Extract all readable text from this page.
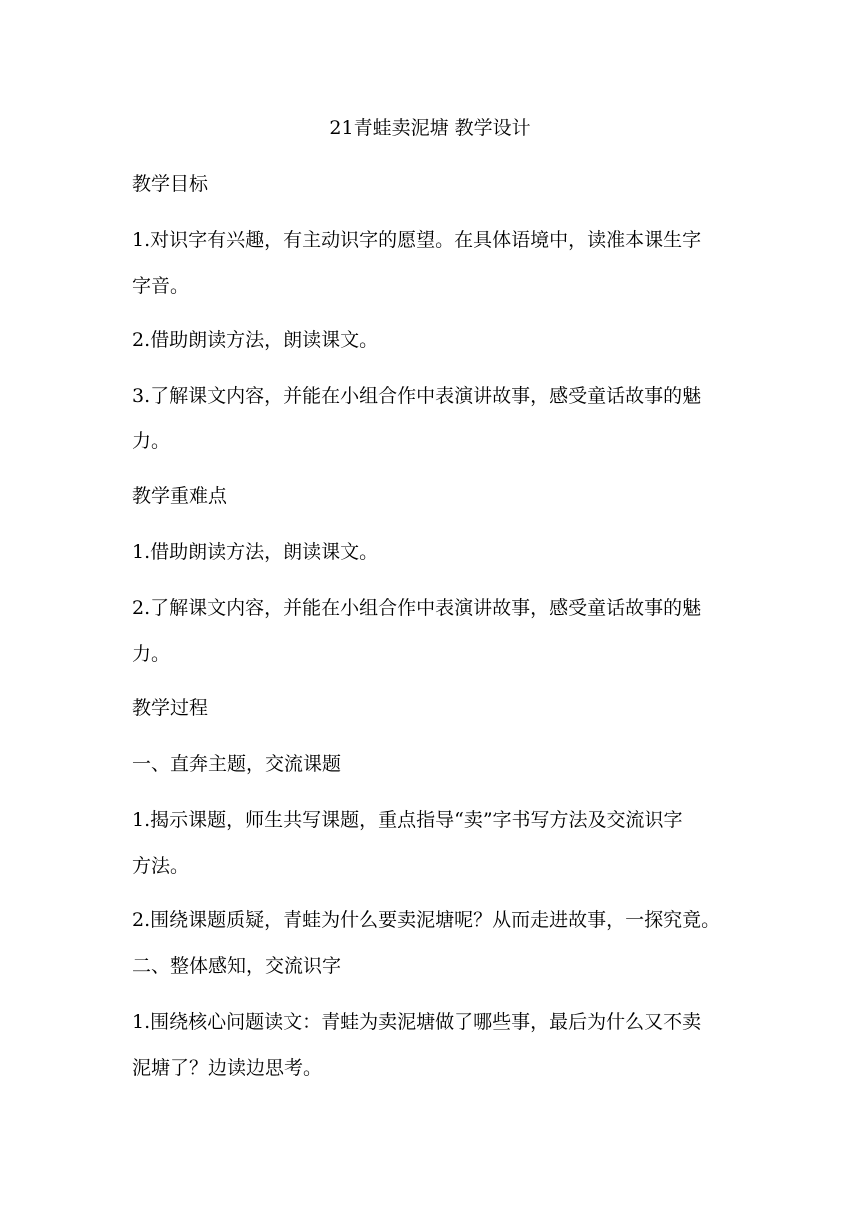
21青蛙卖泥塘 教学设计
教学目标
1.对识字有兴趣，有主动识字的愿望。在具体语境中，读准本课生字
字音。
2.借助朗读方法，朗读课文。
3.了解课文内容，并能在小组合作中表演讲故事，感受童话故事的魅
力。
教学重难点
1.借助朗读方法，朗读课文。
2.了解课文内容，并能在小组合作中表演讲故事，感受童话故事的魅
力。
教学过程
一、直奔主题，交流课题
1.揭示课题，师生共写课题，重点指导“卖”字书写方法及交流识字
方法。
2.围绕课题质疑，青蛙为什么要卖泥塘呢？从而走进故事，一探究竟。
二、整体感知，交流识字
1.围绕核心问题读文：青蛙为卖泥塘做了哪些事，最后为什么又不卖
泥塘了？边读边思考。
